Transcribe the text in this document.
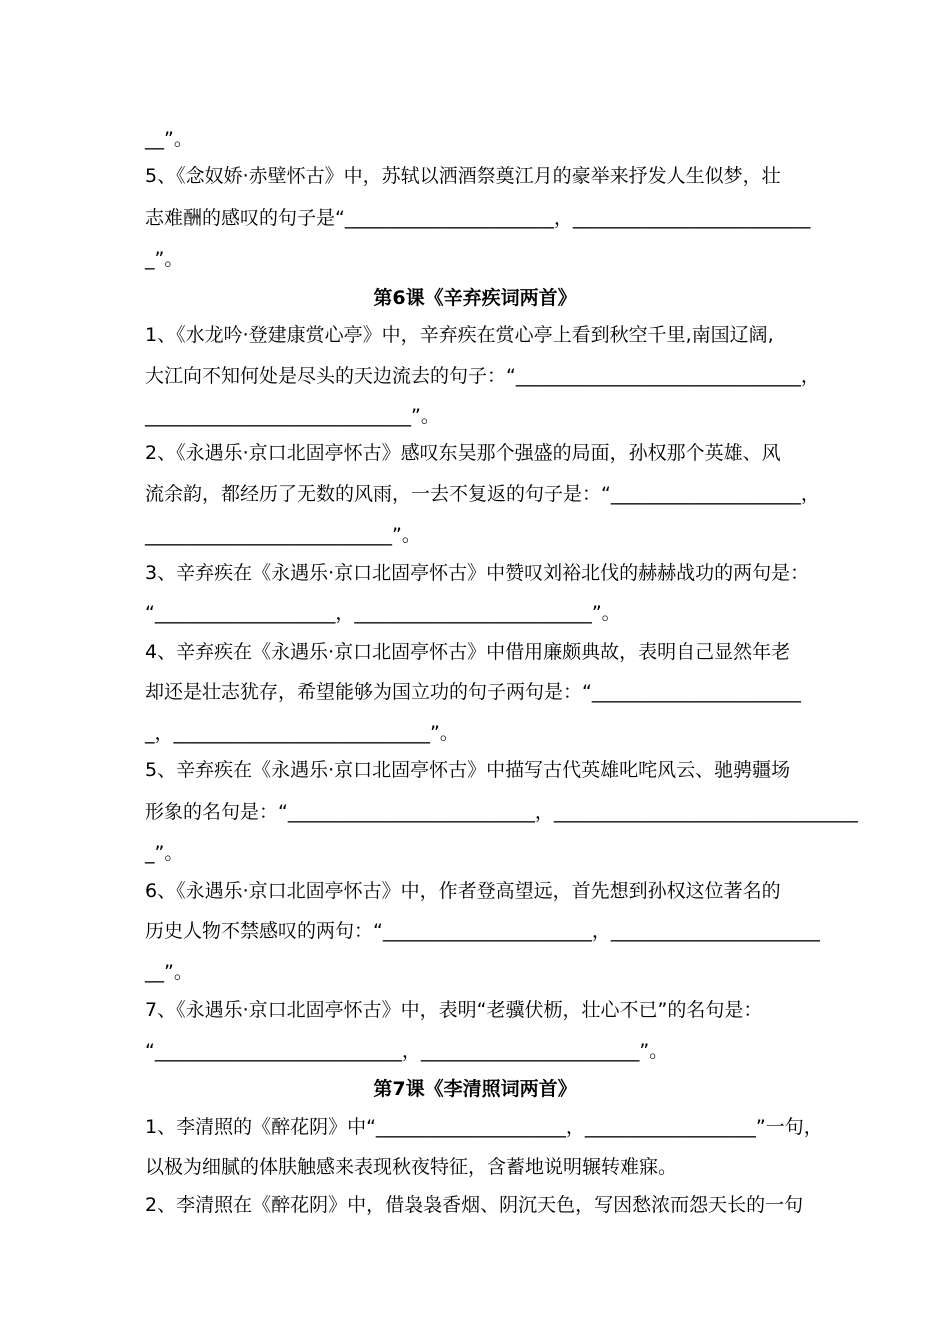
__”。
5、《念奴娇·赤壁怀古》中，苏轼以洒酒祭奠江月的豪举来抒发人生似梦，壮
志难酬的感叹的句子是“______________________，_________________________
_”。
第6课《辛弃疾词两首》
1、《水龙吟·登建康赏心亭》中，辛弃疾在赏心亭上看到秋空千里,南国辽阔,
大江向不知何处是尽头的天边流去的句子：“______________________________，
____________________________”。
2、《永遇乐·京口北固亭怀古》感叹东吴那个强盛的局面，孙权那个英雄、风
流余韵，都经历了无数的风雨，一去不复返的句子是：“____________________，
__________________________”。
3、辛弃疾在《永遇乐·京口北固亭怀古》中赞叹刘裕北伐的赫赫战功的两句是：
“___________________，_________________________”。
4、辛弃疾在《永遇乐·京口北固亭怀古》中借用廉颇典故，表明自己显然年老
却还是壮志犹存，希望能够为国立功的句子两句是：“______________________
_，___________________________”。
5、辛弃疾在《永遇乐·京口北固亭怀古》中描写古代英雄叱咤风云、驰骋疆场
形象的名句是：“__________________________，________________________________
_”。
6、《永遇乐·京口北固亭怀古》中，作者登高望远，首先想到孙权这位著名的
历史人物不禁感叹的两句：“______________________，______________________
__”。
7、《永遇乐·京口北固亭怀古》中，表明“老骥伏枥，壮心不已”的名句是：
“__________________________，_______________________”。
第7课《李清照词两首》
1、李清照的《醉花阴》中“____________________，__________________”一句，
以极为细腻的体肤触感来表现秋夜特征，含蓄地说明辗转难寐。
2、李清照在《醉花阴》中，借袅袅香烟、阴沉天色，写因愁浓而怨天长的一句
